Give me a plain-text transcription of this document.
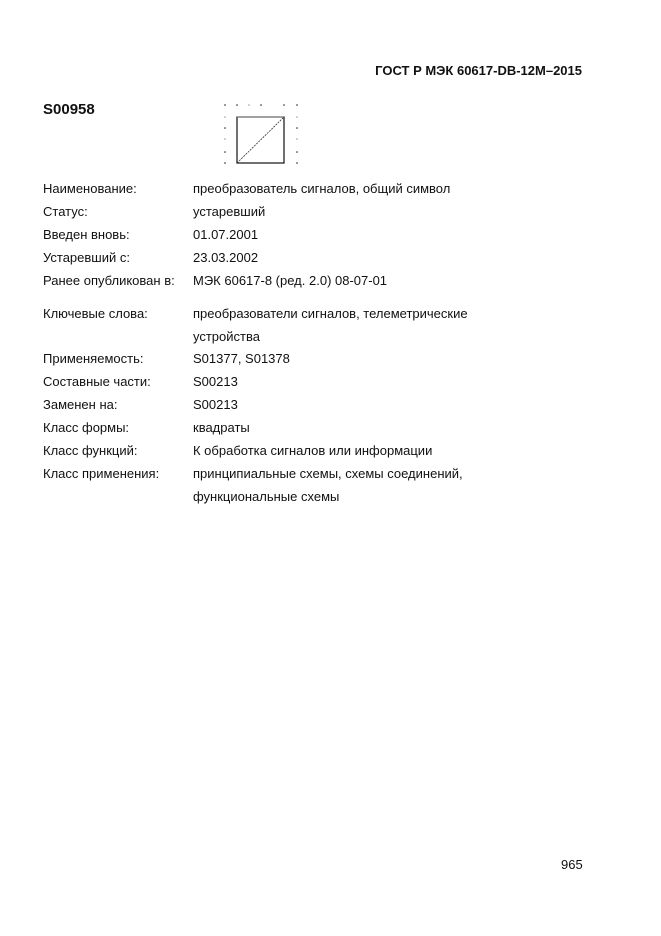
ГОСТ Р МЭК 60617-DB-12M–2015
S00958
Наименование:	преобразователь сигналов, общий символ
Статус:	устаревший
Введен вновь:	01.07.2001
Устаревший с:	23.03.2002
Ранее опубликован в:	МЭК 60617-8 (ред. 2.0) 08-07-01
Ключевые слова:	преобразователи сигналов, телеметрические устройства
Применяемость:	S01377, S01378
Составные части:	S00213
Заменен на:	S00213
Класс формы:	квадраты
Класс функций:	К обработка сигналов или информации
Класс применения:	принципиальные схемы, схемы соединений, функциональные схемы
965
